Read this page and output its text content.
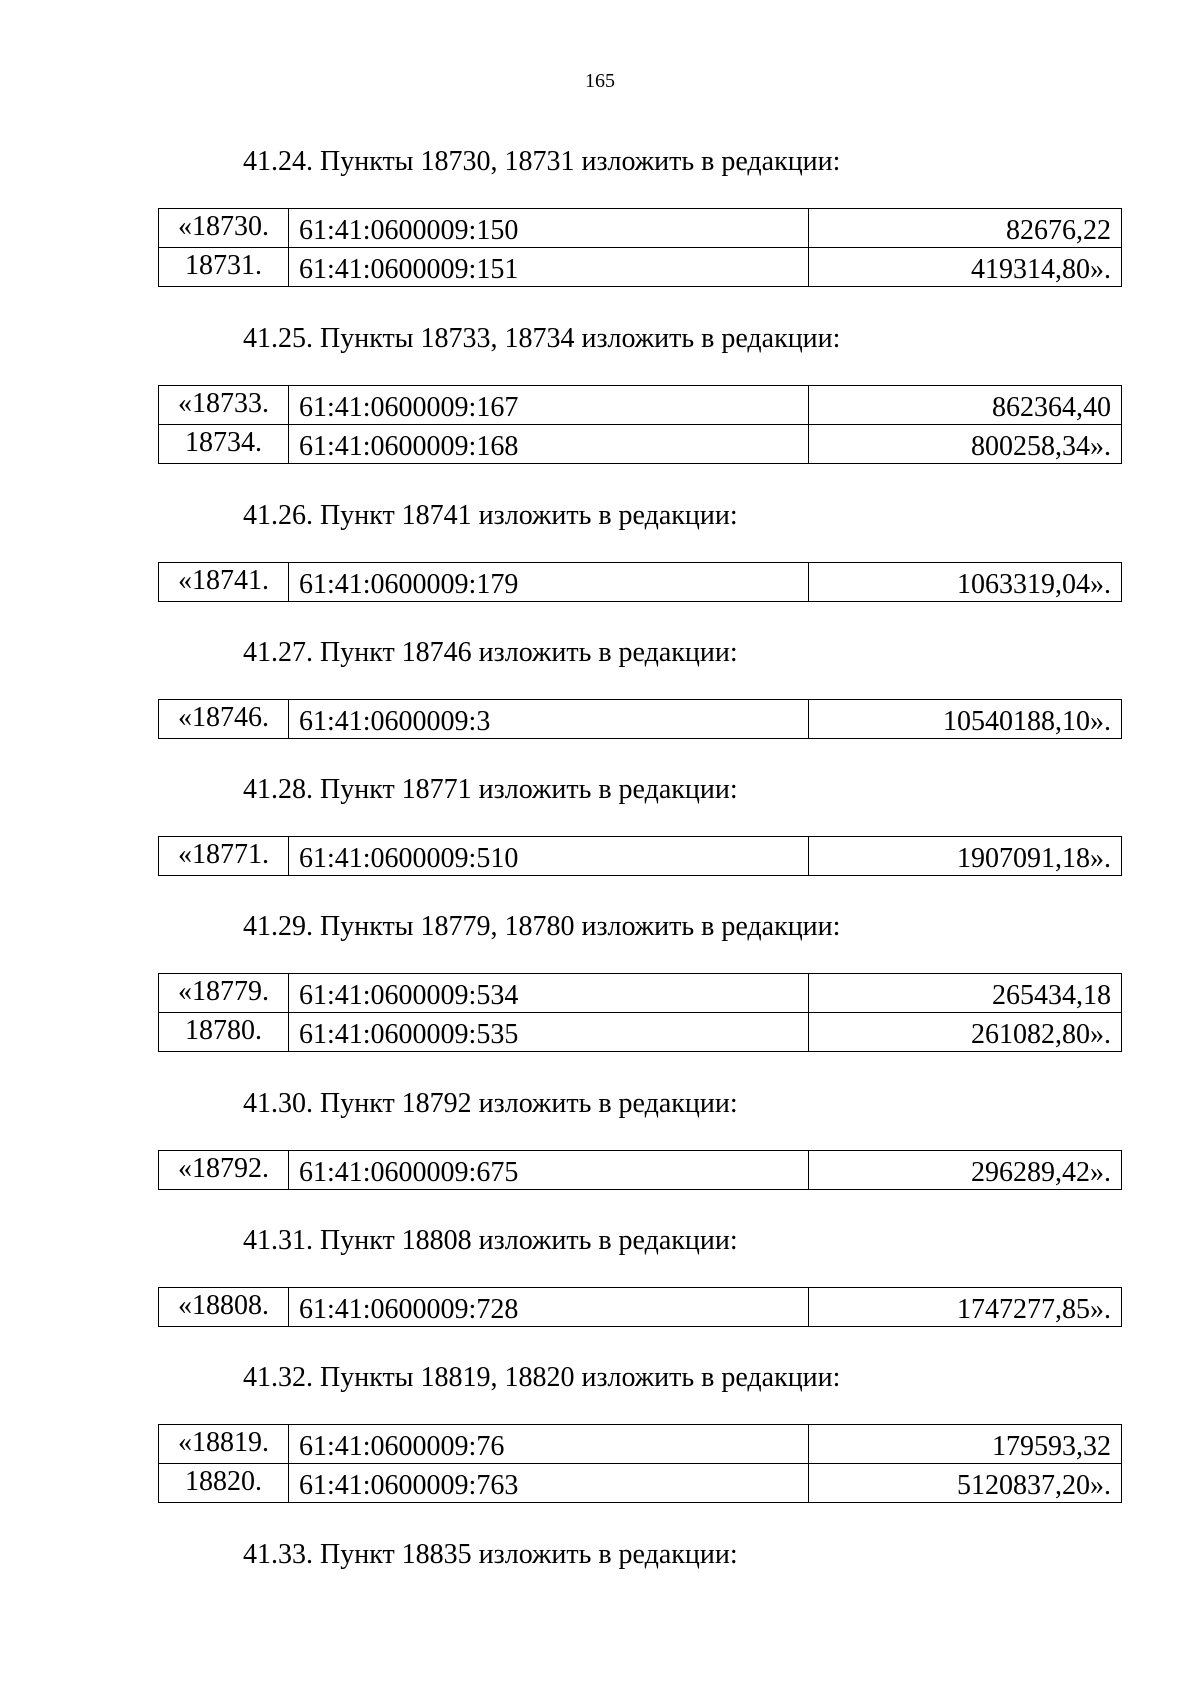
165
41.24. Пункты 18730, 18731 изложить в редакции:
«18730.	61:41:0600009:150	82676,22
18731.	61:41:0600009:151	419314,80».
41.25. Пункты 18733, 18734 изложить в редакции:
«18733.	61:41:0600009:167	862364,40
18734.	61:41:0600009:168	800258,34».
41.26. Пункт 18741 изложить в редакции:
«18741.	61:41:0600009:179	1063319,04».
41.27. Пункт 18746 изложить в редакции:
«18746.	61:41:0600009:3	10540188,10».
41.28. Пункт 18771 изложить в редакции:
«18771.	61:41:0600009:510	1907091,18».
41.29. Пункты 18779, 18780 изложить в редакции:
«18779.	61:41:0600009:534	265434,18
18780.	61:41:0600009:535	261082,80».
41.30. Пункт 18792 изложить в редакции:
«18792.	61:41:0600009:675	296289,42».
41.31. Пункт 18808 изложить в редакции:
«18808.	61:41:0600009:728	1747277,85».
41.32. Пункты 18819, 18820 изложить в редакции:
«18819.	61:41:0600009:76	179593,32
18820.	61:41:0600009:763	5120837,20».
41.33. Пункт 18835 изложить в редакции:
